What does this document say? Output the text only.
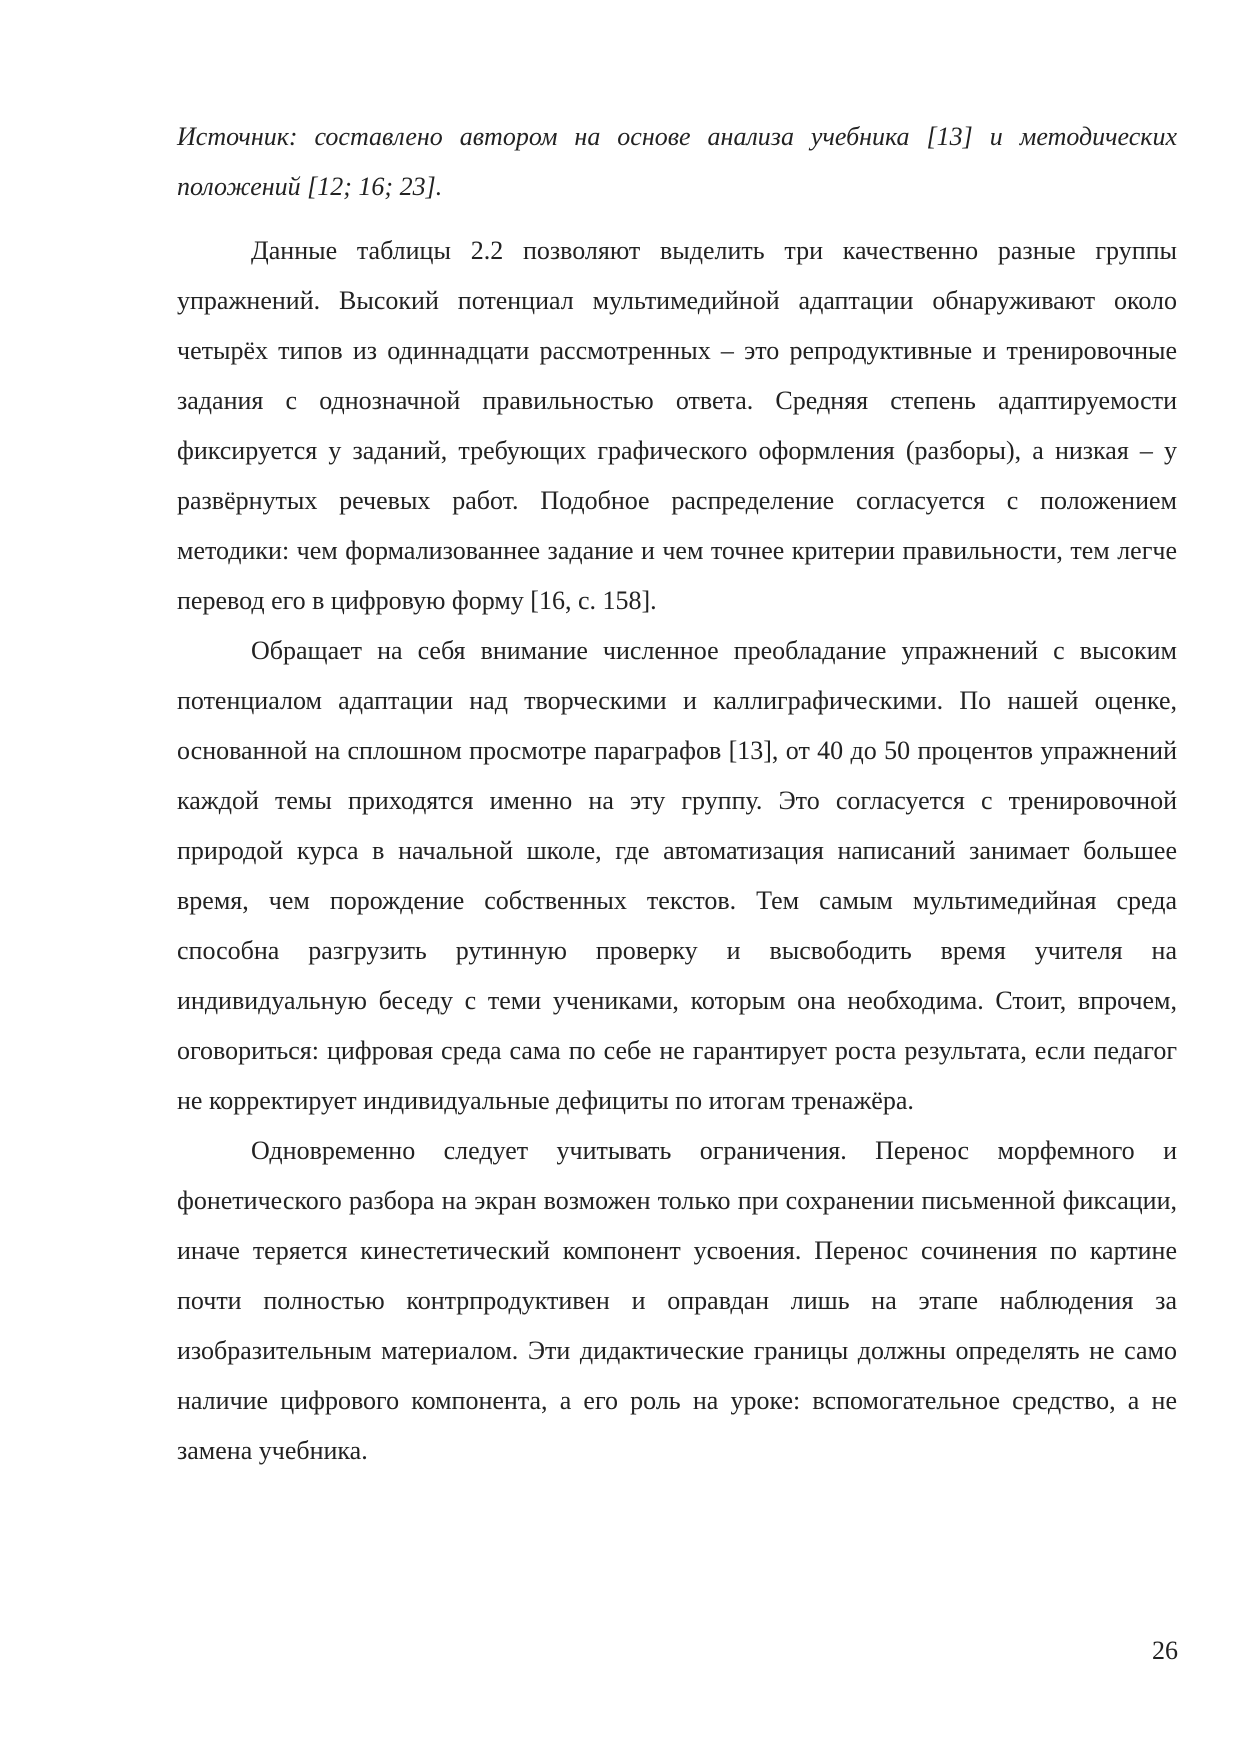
Источник: составлено автором на основе анализа учебника [13] и методических положений [12; 16; 23].

Данные таблицы 2.2 позволяют выделить три качественно разные группы упражнений. Высокий потенциал мультимедийной адаптации обнаруживают около четырёх типов из одиннадцати рассмотренных – это репродуктивные и тренировочные задания с однозначной правильностью ответа. Средняя степень адаптируемости фиксируется у заданий, требующих графического оформления (разборы), а низкая – у развёрнутых речевых работ. Подобное распределение согласуется с положением методики: чем формализованнее задание и чем точнее критерии правильности, тем легче перевод его в цифровую форму [16, с. 158].

Обращает на себя внимание численное преобладание упражнений с высоким потенциалом адаптации над творческими и каллиграфическими. По нашей оценке, основанной на сплошном просмотре параграфов [13], от 40 до 50 процентов упражнений каждой темы приходятся именно на эту группу. Это согласуется с тренировочной природой курса в начальной школе, где автоматизация написаний занимает большее время, чем порождение собственных текстов. Тем самым мультимедийная среда способна разгрузить рутинную проверку и высвободить время учителя на индивидуальную беседу с теми учениками, которым она необходима. Стоит, впрочем, оговориться: цифровая среда сама по себе не гарантирует роста результата, если педагог не корректирует индивидуальные дефициты по итогам тренажёра.

Одновременно следует учитывать ограничения. Перенос морфемного и фонетического разбора на экран возможен только при сохранении письменной фиксации, иначе теряется кинестетический компонент усвоения. Перенос сочинения по картине почти полностью контрпродуктивен и оправдан лишь на этапе наблюдения за изобразительным материалом. Эти дидактические границы должны определять не само наличие цифрового компонента, а его роль на уроке: вспомогательное средство, а не замена учебника.

26
